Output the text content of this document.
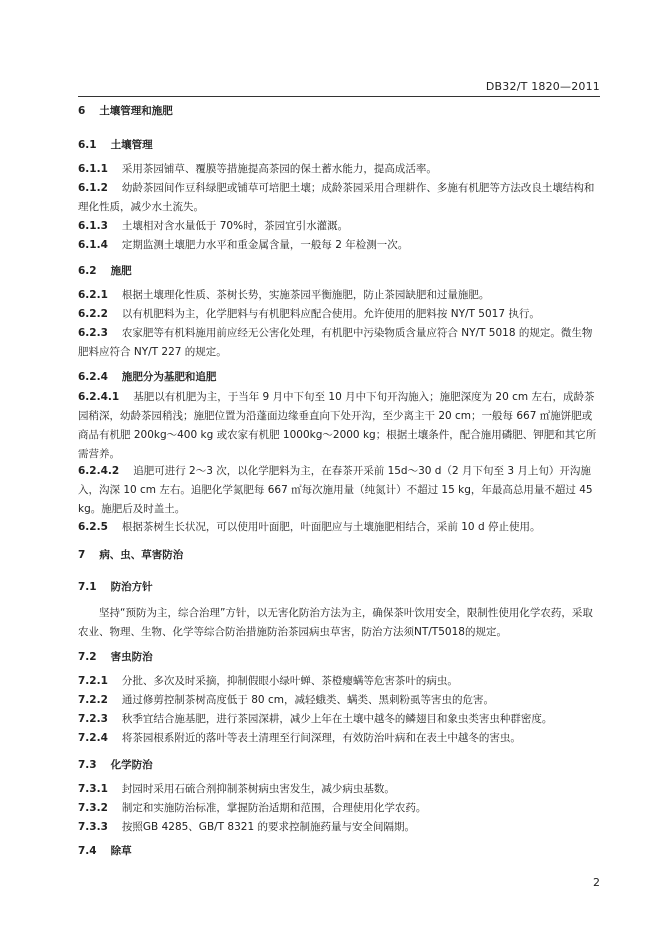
DB32/T 1820—2011
6 土壤管理和施肥
6.1 土壤管理
6.1.1 采用茶园铺草、覆膜等措施提高茶园的保土蓄水能力，提高成活率。
6.1.2 幼龄茶园间作豆科绿肥或铺草可培肥土壤；成龄茶园采用合理耕作、多施有机肥等方法改良土壤结构和理化性质，减少水土流失。
6.1.3 土壤相对含水量低于 70%时，茶园宜引水灌溉。
6.1.4 定期监测土壤肥力水平和重金属含量，一般每 2 年检测一次。
6.2 施肥
6.2.1 根据土壤理化性质、茶树长势，实施茶园平衡施肥，防止茶园缺肥和过量施肥。
6.2.2 以有机肥料为主，化学肥料与有机肥料应配合使用。允许使用的肥料按 NY/T 5017 执行。
6.2.3 农家肥等有机料施用前应经无公害化处理，有机肥中污染物质含量应符合 NY/T 5018 的规定。微生物肥料应符合 NY/T 227 的规定。
6.2.4 施肥分为基肥和追肥
6.2.4.1 基肥以有机肥为主，于当年 9 月中下旬至 10 月中下旬开沟施入；施肥深度为 20 cm 左右，成龄茶园稍深，幼龄茶园稍浅；施肥位置为沿蓬面边缘垂直向下处开沟，至少离主干 20 cm；一般每 667 ㎡施饼肥或商品有机肥 200kg～400 kg 或农家有机肥 1000kg～2000 kg；根据土壤条件，配合施用磷肥、钾肥和其它所需营养。
6.2.4.2 追肥可进行 2～3 次，以化学肥料为主，在春茶开采前 15d～30 d（2 月下旬至 3 月上旬）开沟施入，沟深 10 cm 左右。追肥化学氮肥每 667 ㎡每次施用量（纯氮计）不超过 15 kg，年最高总用量不超过 45 kg。施肥后及时盖土。
6.2.5 根据茶树生长状况，可以使用叶面肥，叶面肥应与土壤施肥相结合，采前 10 d 停止使用。
7 病、虫、草害防治
7.1 防治方针
坚持“预防为主，综合治理”方针，以无害化防治方法为主，确保茶叶饮用安全，限制性使用化学农药，采取农业、物理、生物、化学等综合防治措施防治茶园病虫草害，防治方法须NT/T5018的规定。
7.2 害虫防治
7.2.1 分批、多次及时采摘，抑制假眼小绿叶蝉、茶橙瘿螨等危害茶叶的病虫。
7.2.2 通过修剪控制茶树高度低于 80 cm，减轻蛾类、螨类、黑刺粉虱等害虫的危害。
7.2.3 秋季宜结合施基肥，进行茶园深耕，减少上年在土壤中越冬的鳞翅目和象虫类害虫种群密度。
7.2.4 将茶园根系附近的落叶等表土清理至行间深理，有效防治叶病和在表土中越冬的害虫。
7.3 化学防治
7.3.1 封园时采用石硫合剂抑制茶树病虫害发生，减少病虫基数。
7.3.2 制定和实施防治标准，掌握防治适期和范围，合理使用化学农药。
7.3.3 按照GB 4285、GB/T 8321 的要求控制施药量与安全间隔期。
7.4 除草
2
